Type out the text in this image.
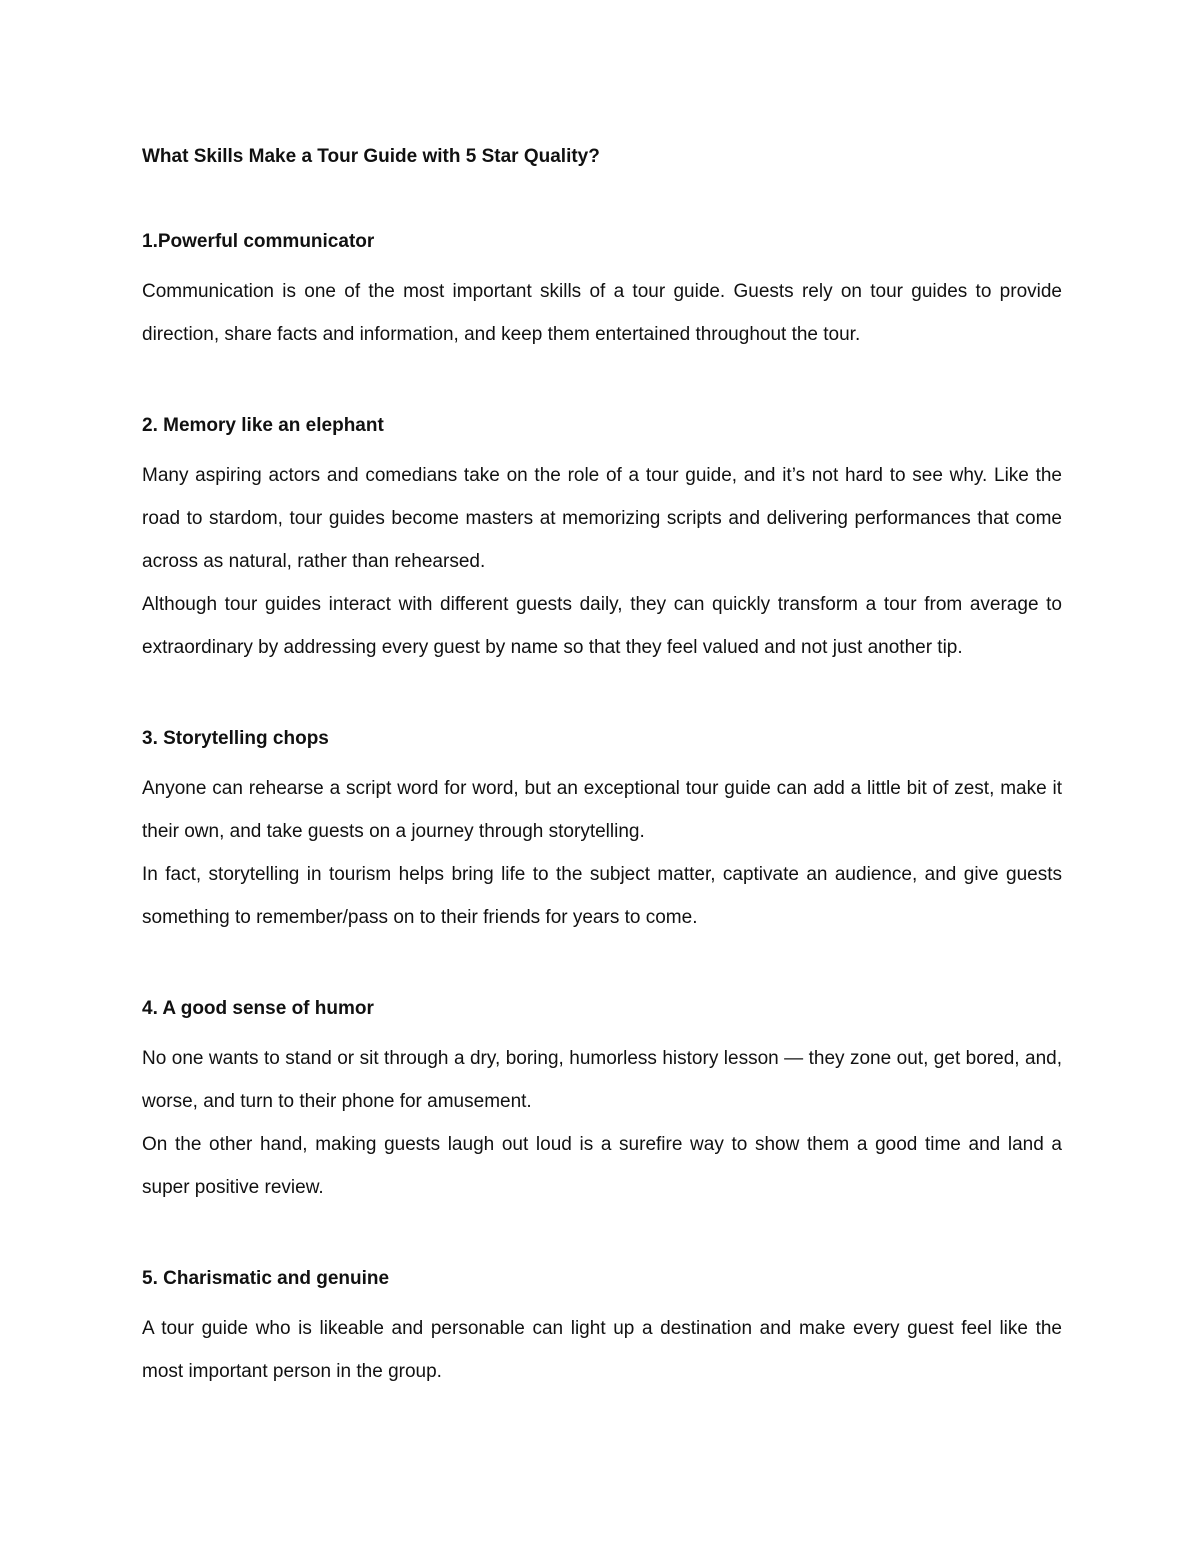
What Skills Make a Tour Guide with 5 Star Quality?
1.Powerful communicator

Communication is one of the most important skills of a tour guide. Guests rely on tour guides to provide direction, share facts and information, and keep them entertained throughout the tour.

2. Memory like an elephant

Many aspiring actors and comedians take on the role of a tour guide, and it’s not hard to see why. Like the road to stardom, tour guides become masters at memorizing scripts and delivering performances that come across as natural, rather than rehearsed.

Although tour guides interact with different guests daily, they can quickly transform a tour from average to extraordinary by addressing every guest by name so that they feel valued and not just another tip.

3. Storytelling chops

Anyone can rehearse a script word for word, but an exceptional tour guide can add a little bit of zest, make it their own, and take guests on a journey through storytelling.

In fact, storytelling in tourism helps bring life to the subject matter, captivate an audience, and give guests something to remember/pass on to their friends for years to come.

4. A good sense of humor

No one wants to stand or sit through a dry, boring, humorless history lesson — they zone out, get bored, and, worse, and turn to their phone for amusement.

On the other hand, making guests laugh out loud is a surefire way to show them a good time and land a super positive review.

5. Charismatic and genuine

A tour guide who is likeable and personable can light up a destination and make every guest feel like the most important person in the group.
